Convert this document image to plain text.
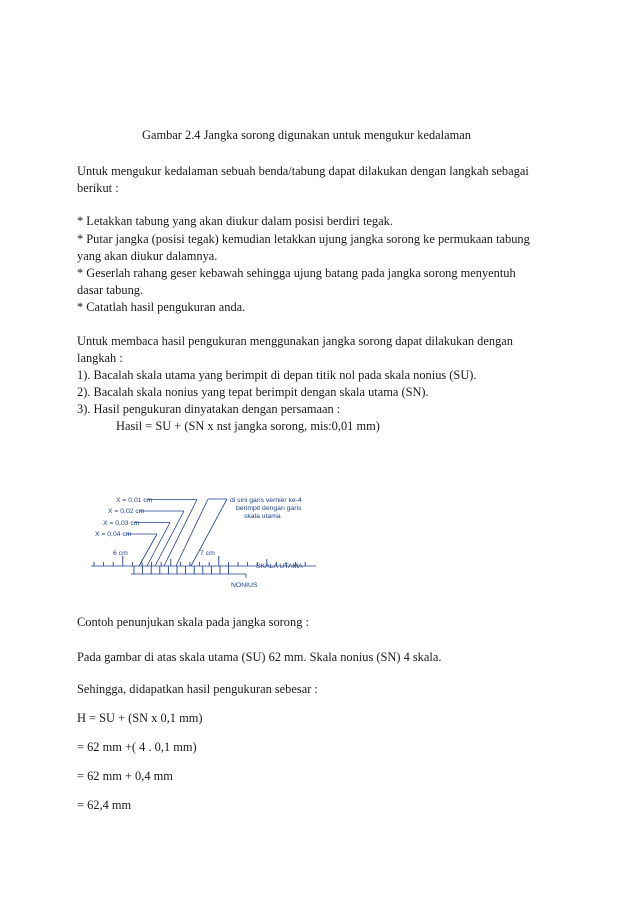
Gambar 2.4 Jangka sorong digunakan untuk mengukur kedalaman
Untuk mengukur kedalaman sebuah benda/tabung dapat dilakukan dengan langkah sebagai
berikut :
* Letakkan tabung yang akan diukur dalam posisi berdiri tegak.
* Putar jangka (posisi tegak) kemudian letakkan ujung jangka sorong ke permukaan tabung
yang akan diukur dalamnya.
* Geserlah rahang geser kebawah sehingga ujung batang pada jangka sorong menyentuh
dasar tabung.
* Catatlah hasil pengukuran anda.
Untuk membaca hasil pengukuran menggunakan jangka sorong dapat dilakukan dengan
langkah :
1). Bacalah skala utama yang berimpit di depan titik nol pada skala nonius (SU).
2). Bacalah skala nonius yang tepat berimpit dengan skala utama (SN).
3). Hasil pengukuran dinyatakan dengan persamaan :
Hasil = SU + (SN x nst jangka sorong, mis:0,01 mm)
X = 0,01 cm
X = 0,02 cm
X = 0,03 cm
X = 0,04 cm
di sini garis vernier ke-4
berimpit dengan garis
skala utama
6 cm	7 cm
SKALA UTAMA
NONIUS
Contoh penunjukan skala pada jangka sorong :
Pada gambar di atas skala utama (SU) 62 mm. Skala nonius (SN) 4 skala.
Sehingga, didapatkan hasil pengukuran sebesar :
H = SU + (SN x 0,1 mm)
= 62 mm +( 4 . 0,1 mm)
= 62 mm + 0,4 mm
= 62,4 mm
